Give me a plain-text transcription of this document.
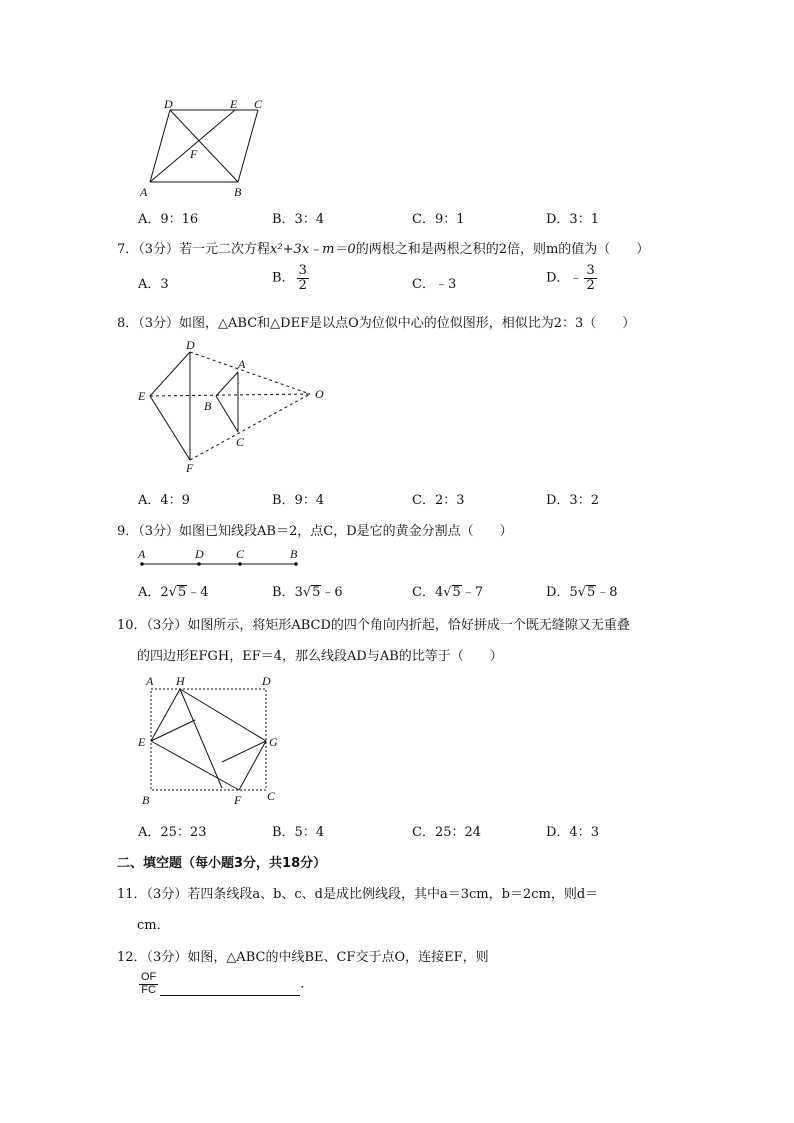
D	E C
F
A	B
A．9：16	B．3：4	C．9：1	D．3：1
7．（3分）若一元二次方程x²+3x﹣m＝0的两根之和是两根之积的2倍，则m的值为（　　）
A．3	B． $\frac{3}{2}$	C．﹣3	D．﹣ $\frac{3}{2}$
8．（3分）如图，△ABC和△DEF是以点O为位似中心的位似图形，相似比为2：3（　　）
D
A
E
B
O
C
F
A．4：9	B．9：4	C．2：3	D．3：2
9．（3分）如图已知线段AB＝2，点C，D是它的黄金分割点（　　）
A	D	C	B
A．2√5﹣4	B．3√5﹣6	C．4√5﹣7	D．5√5﹣8
10．（3分）如图所示，将矩形ABCD的四个角向内折起，恰好拼成一个既无缝隙又无重叠
的四边形EFGH，EF＝4，那么线段AD与AB的比等于（　　）
A H	D
E	G
B	F C
A．25：23	B．5：4	C．25：24	D．4：3
二、填空题（每小题3分，共18分）
11．（3分）若四条线段a、b、c、d是成比例线段，其中a＝3cm，b＝2cm，则d＝
cm．
12．（3分）如图，△ABC的中线BE、CF交于点O，连接EF，则
$\frac{OF}{FC}$	．
